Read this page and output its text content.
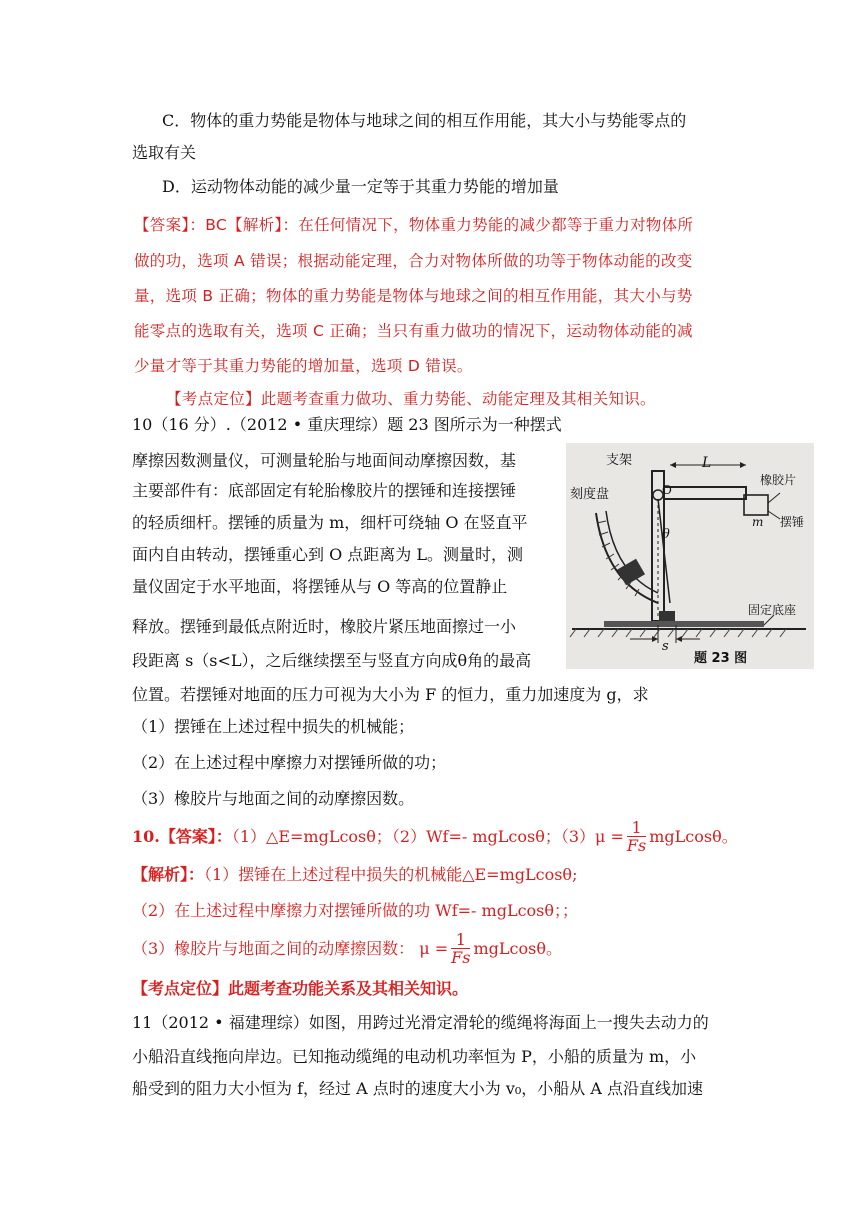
C．物体的重力势能是物体与地球之间的相互作用能，其大小与势能零点的
选取有关
D．运动物体动能的减少量一定等于其重力势能的增加量
【答案】：BC【解析】：在任何情况下，物体重力势能的减少都等于重力对物体所
做的功，选项 A 错误；根据动能定理，合力对物体所做的功等于物体动能的改变
量，选项 B 正确；物体的重力势能是物体与地球之间的相互作用能，其大小与势
能零点的选取有关，选项 C 正确；当只有重力做功的情况下，运动物体动能的减
少量才等于其重力势能的增加量，选项 D 错误。
【考点定位】此题考查重力做功、重力势能、动能定理及其相关知识。
10（16 分）.（2012 • 重庆理综）题 23 图所示为一种摆式
摩擦因数测量仪，可测量轮胎与地面间动摩擦因数，基
主要部件有：底部固定有轮胎橡胶片的摆锤和连接摆锤
的轻质细杆。摆锤的质量为 m，细杆可绕轴 O 在竖直平
面内自由转动，摆锤重心到 O 点距离为 L。测量时，测
量仪固定于水平地面，将摆锤从与 O 等高的位置静止
释放。摆锤到最低点附近时，橡胶片紧压地面擦过一小
段距离 s（s<L），之后继续摆至与竖直方向成θ角的最高
位置。若摆锤对地面的压力可视为大小为 F 的恒力，重力加速度为 g，求
（1）摆锤在上述过程中损失的机械能；
（2）在上述过程中摩擦力对摆锤所做的功；
（3）橡胶片与地面之间的动摩擦因数。
支架
刻度盘
L
橡胶片
O
θ
m 摆锤
固定底座
s
题 23 图
10.【答案】：（1）△E=mgLcosθ；（2）Wf=- mgLcosθ；$(3)\mu = \frac{1}{Fs}$ mgLcosθ。
【解析】：（1）摆锤在上述过程中损失的机械能△E=mgLcosθ;
（2）在上述过程中摩擦力对摆锤所做的功 Wf=- mgLcosθ；；
（3）橡胶片与地面之间的动摩擦因数： $\mu = \frac{1}{Fs}$ mgLcosθ。
【考点定位】此题考查功能关系及其相关知识。
11（2012 • 福建理综）如图，用跨过光滑定滑轮的缆绳将海面上一搜失去动力的
小船沿直线拖向岸边。已知拖动缆绳的电动机功率恒为 P，小船的质量为 m，小
船受到的阻力大小恒为 f，经过 A 点时的速度大小为 v₀，小船从 A 点沿直线加速
